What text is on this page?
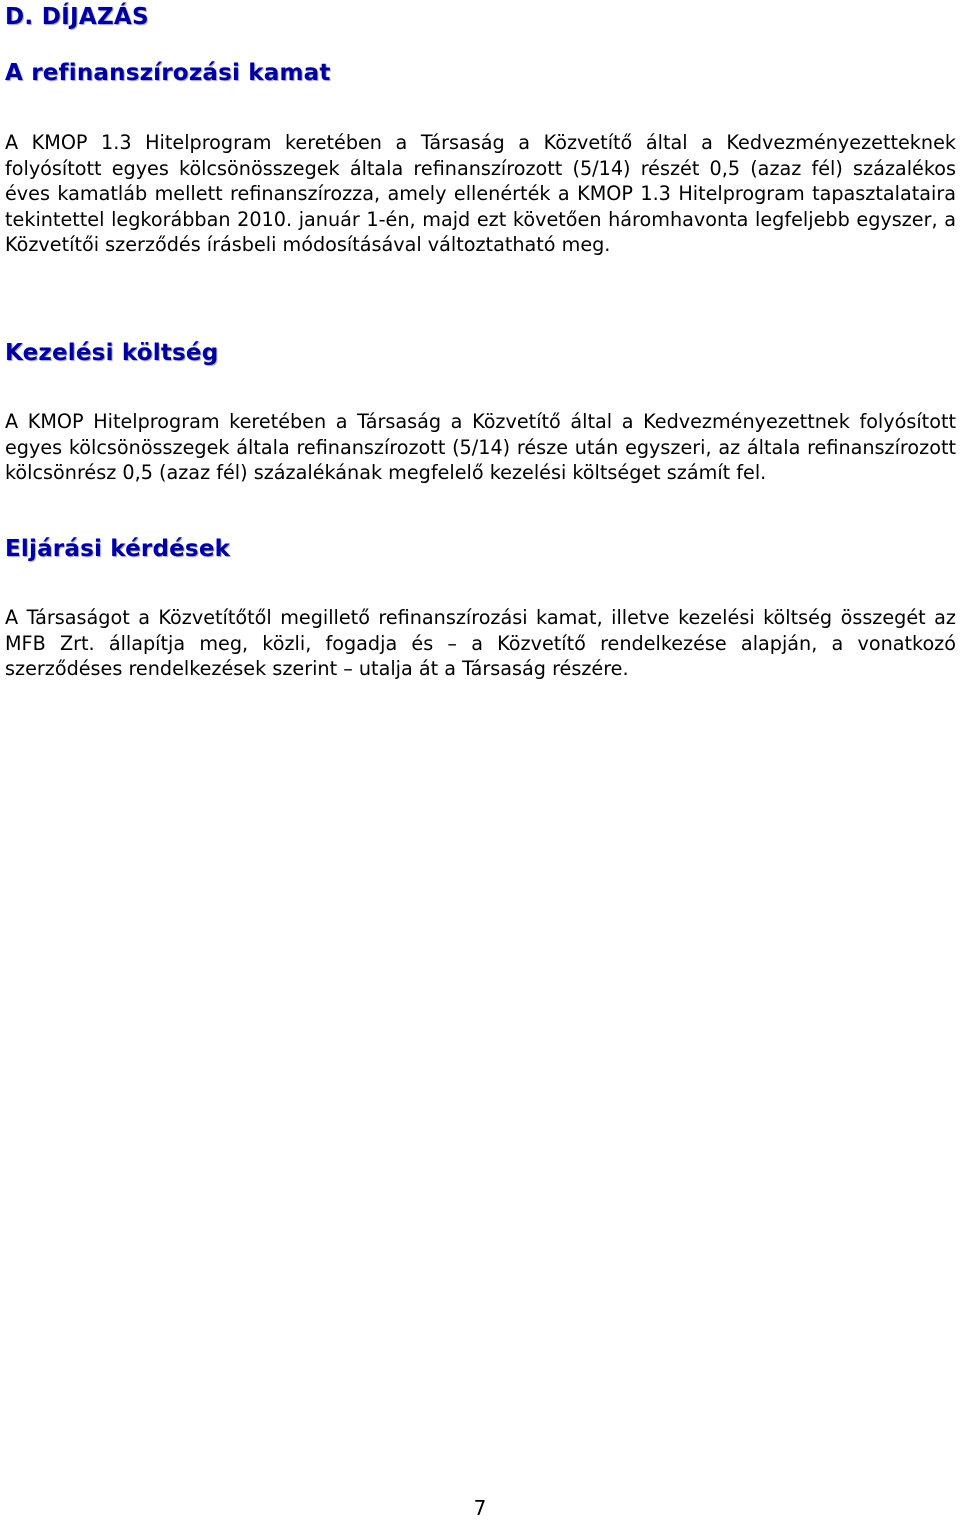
D. DÍJAZÁS
A refinanszírozási kamat

A KMOP 1.3 Hitelprogram keretében a Társaság a Közvetítő által a Kedvezményezetteknek folyósított egyes kölcsönösszegek általa refinanszírozott (5/14) részét 0,5 (azaz fél) százalékos éves kamatláb mellett refinanszírozza, amely ellenérték a KMOP 1.3 Hitelprogram tapasztalataira tekintettel legkorábban 2010. január 1-én, majd ezt követően háromhavonta legfeljebb egyszer, a Közvetítői szerződés írásbeli módosításával változtatható meg.

Kezelési költség

A KMOP Hitelprogram keretében a Társaság a Közvetítő által a Kedvezményezettnek folyósított egyes kölcsönösszegek általa refinanszírozott (5/14) része után egyszeri, az általa refinanszírozott kölcsönrész 0,5 (azaz fél) százalékának megfelelő kezelési költséget számít fel.

Eljárási kérdések

A Társaságot a Közvetítőtől megillető refinanszírozási kamat, illetve kezelési költség összegét az MFB Zrt. állapítja meg, közli, fogadja és – a Közvetítő rendelkezése alapján, a vonatkozó szerződéses rendelkezések szerint – utalja át a Társaság részére.

7
